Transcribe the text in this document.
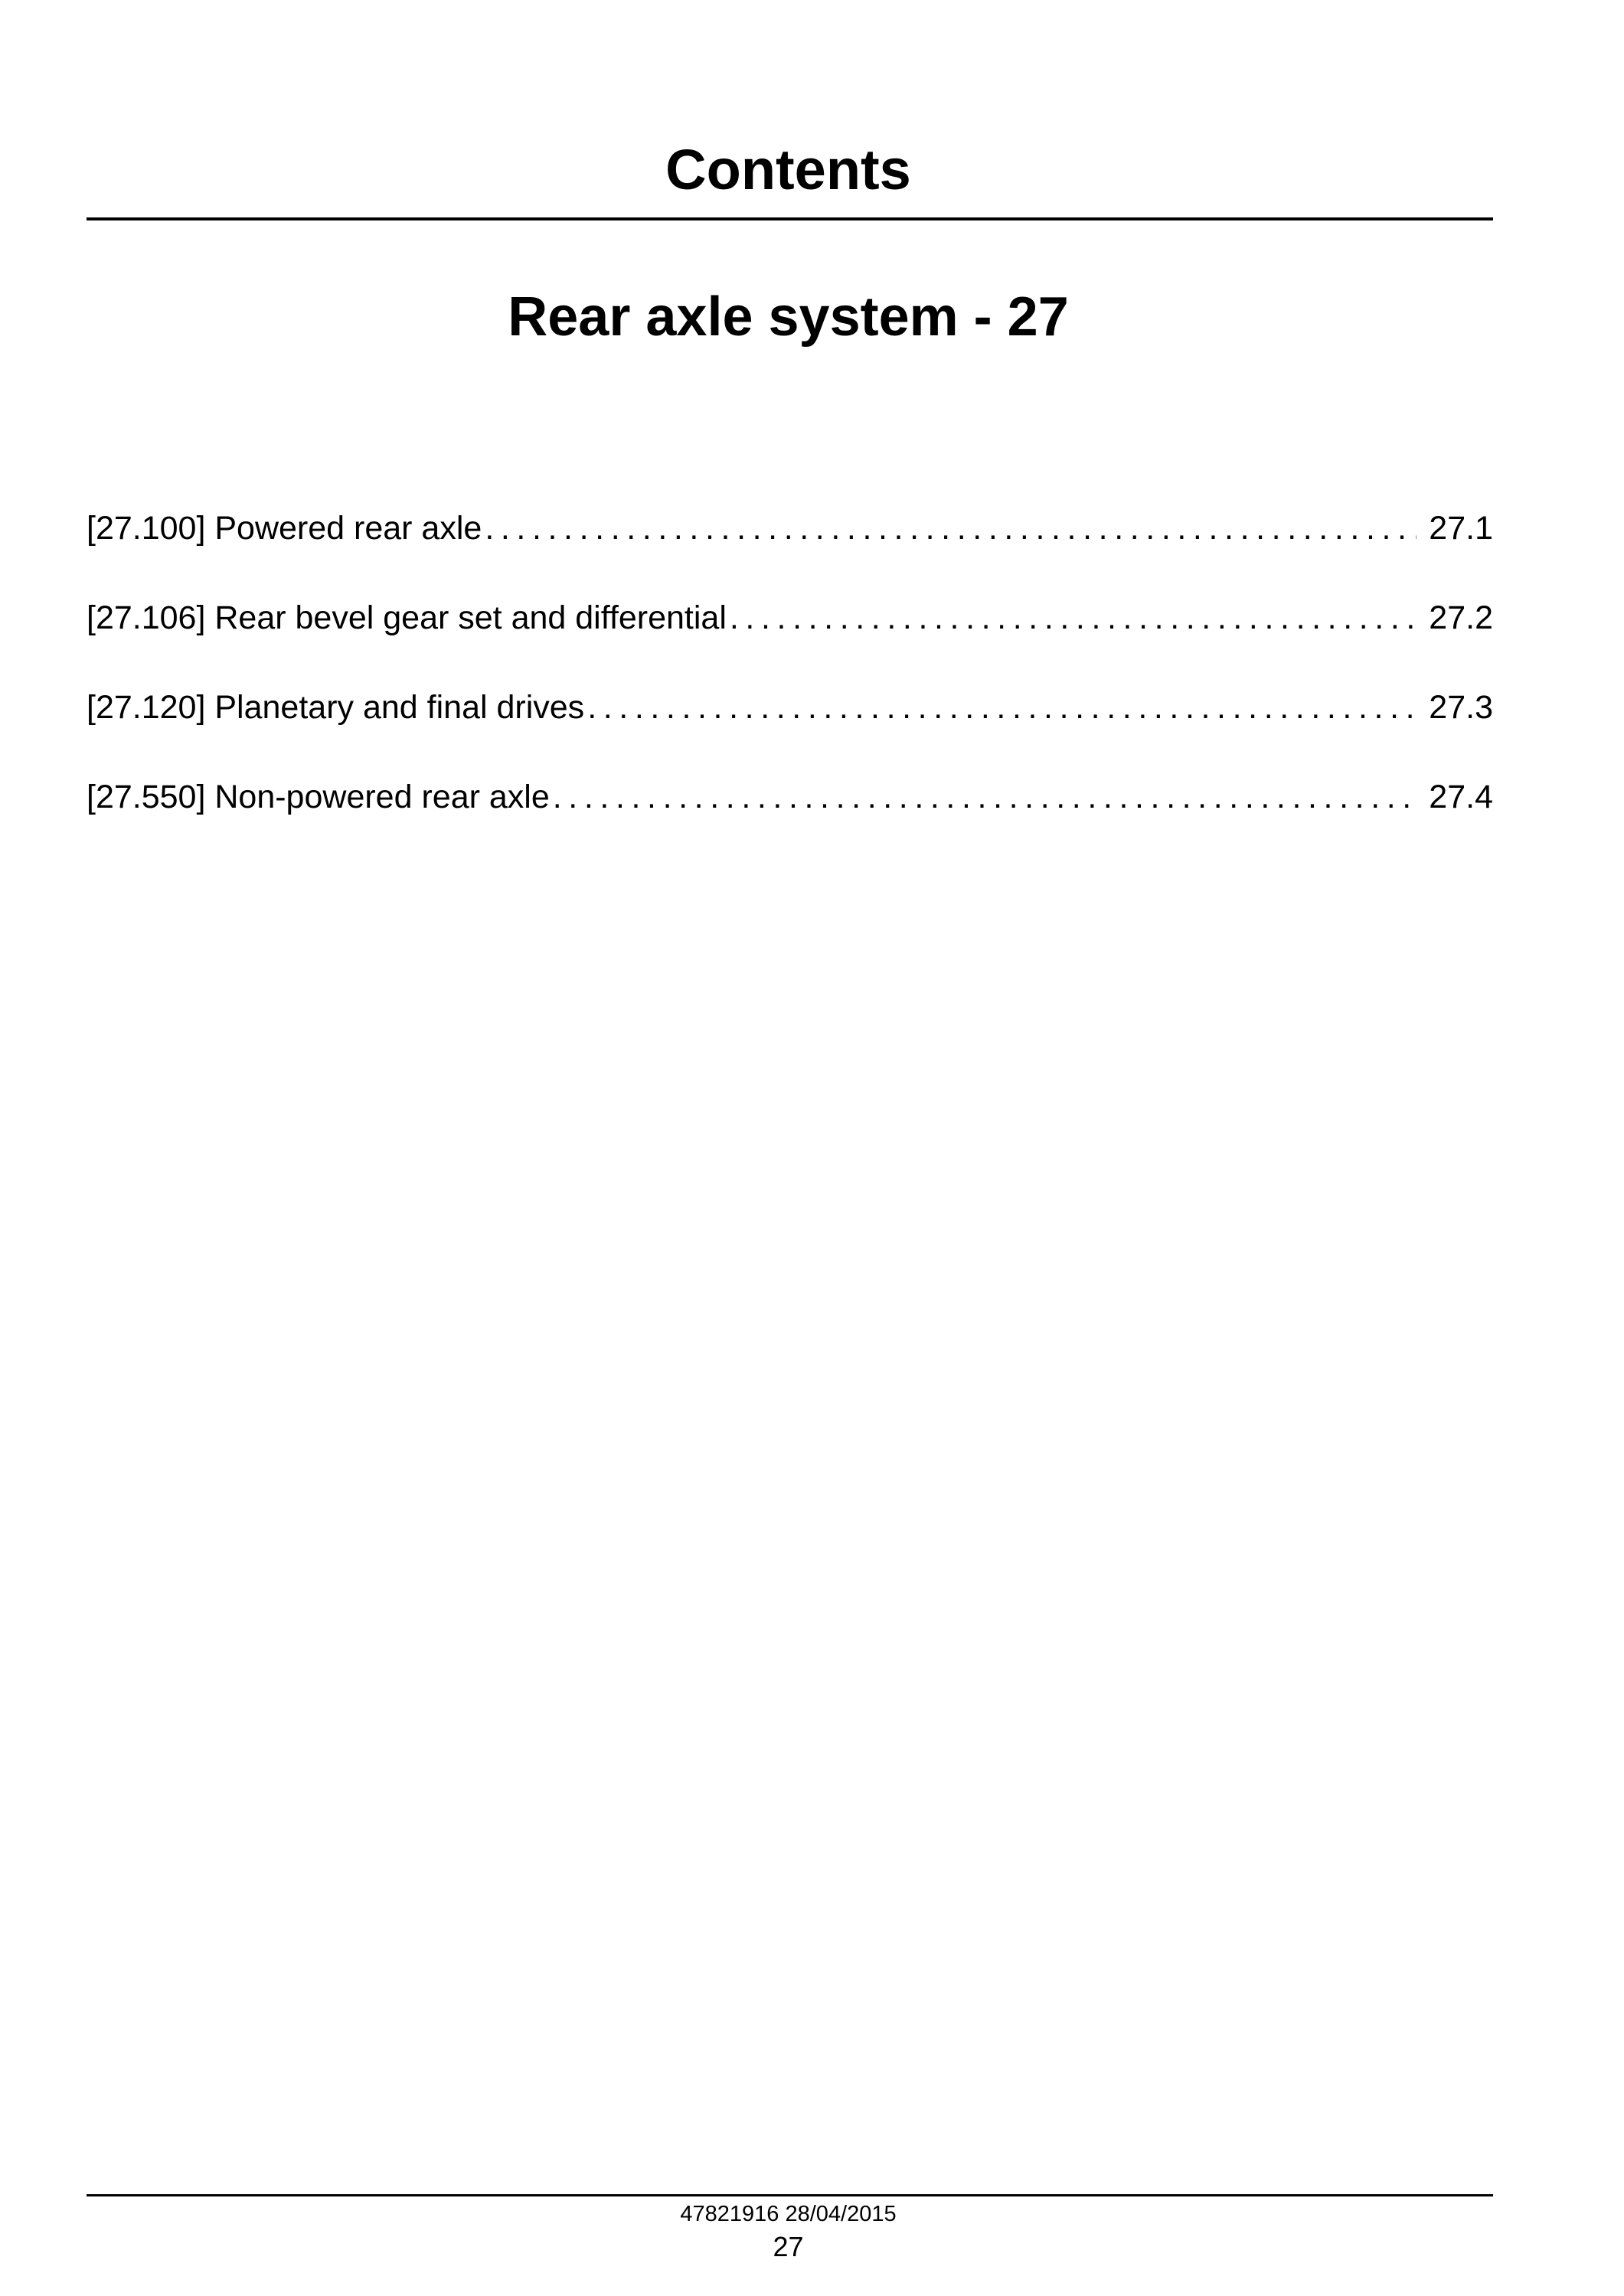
Contents
Rear axle system - 27
[27.100] Powered rear axle .....	27.1
[27.106] Rear bevel gear set and differential .....	27.2
[27.120] Planetary and final drives .....	27.3
[27.550] Non-powered rear axle .....	27.4
47821916 28/04/2015
27
